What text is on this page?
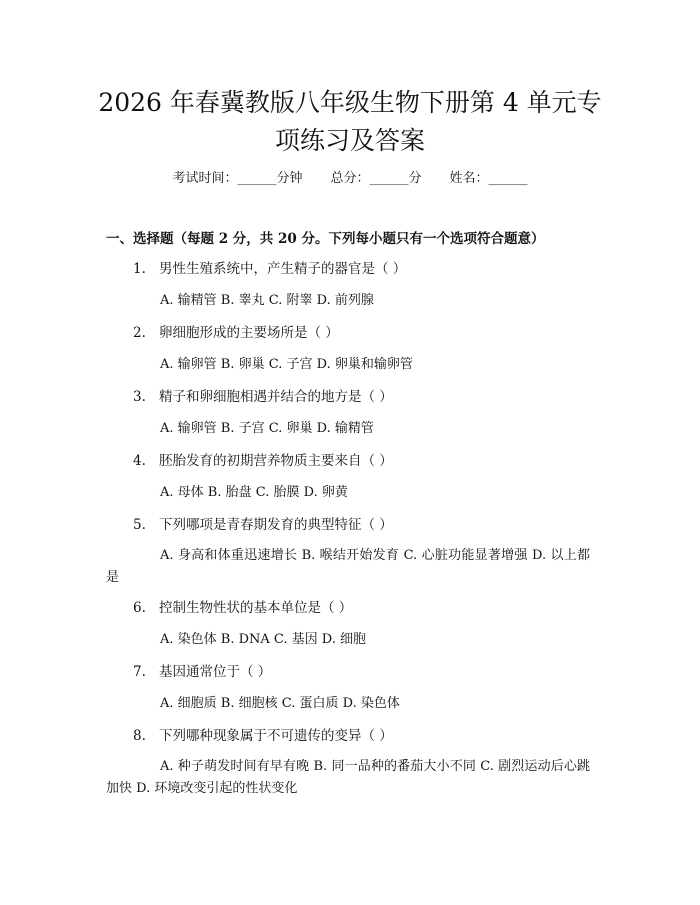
2026 年春冀教版八年级生物下册第 4 单元专
项练习及答案
考试时间：______分钟 总分：______分 姓名：______
一、选择题（每题 2 分，共 20 分。下列每小题只有一个选项符合题意）
1. 男性生殖系统中，产生精子的器官是（ ）
A. 输精管 B. 睾丸 C. 附睾 D. 前列腺
2. 卵细胞形成的主要场所是（ ）
A. 输卵管 B. 卵巢 C. 子宫 D. 卵巢和输卵管
3. 精子和卵细胞相遇并结合的地方是（ ）
A. 输卵管 B. 子宫 C. 卵巢 D. 输精管
4. 胚胎发育的初期营养物质主要来自（ ）
A. 母体 B. 胎盘 C. 胎膜 D. 卵黄
5. 下列哪项是青春期发育的典型特征（ ）
A. 身高和体重迅速增长 B. 喉结开始发育 C. 心脏功能显著增强 D. 以上都是
6. 控制生物性状的基本单位是（ ）
A. 染色体 B. DNA C. 基因 D. 细胞
7. 基因通常位于（ ）
A. 细胞质 B. 细胞核 C. 蛋白质 D. 染色体
8. 下列哪种现象属于不可遗传的变异（ ）
A. 种子萌发时间有早有晚 B. 同一品种的番茄大小不同 C. 剧烈运动后心跳加快 D. 环境改变引起的性状变化
